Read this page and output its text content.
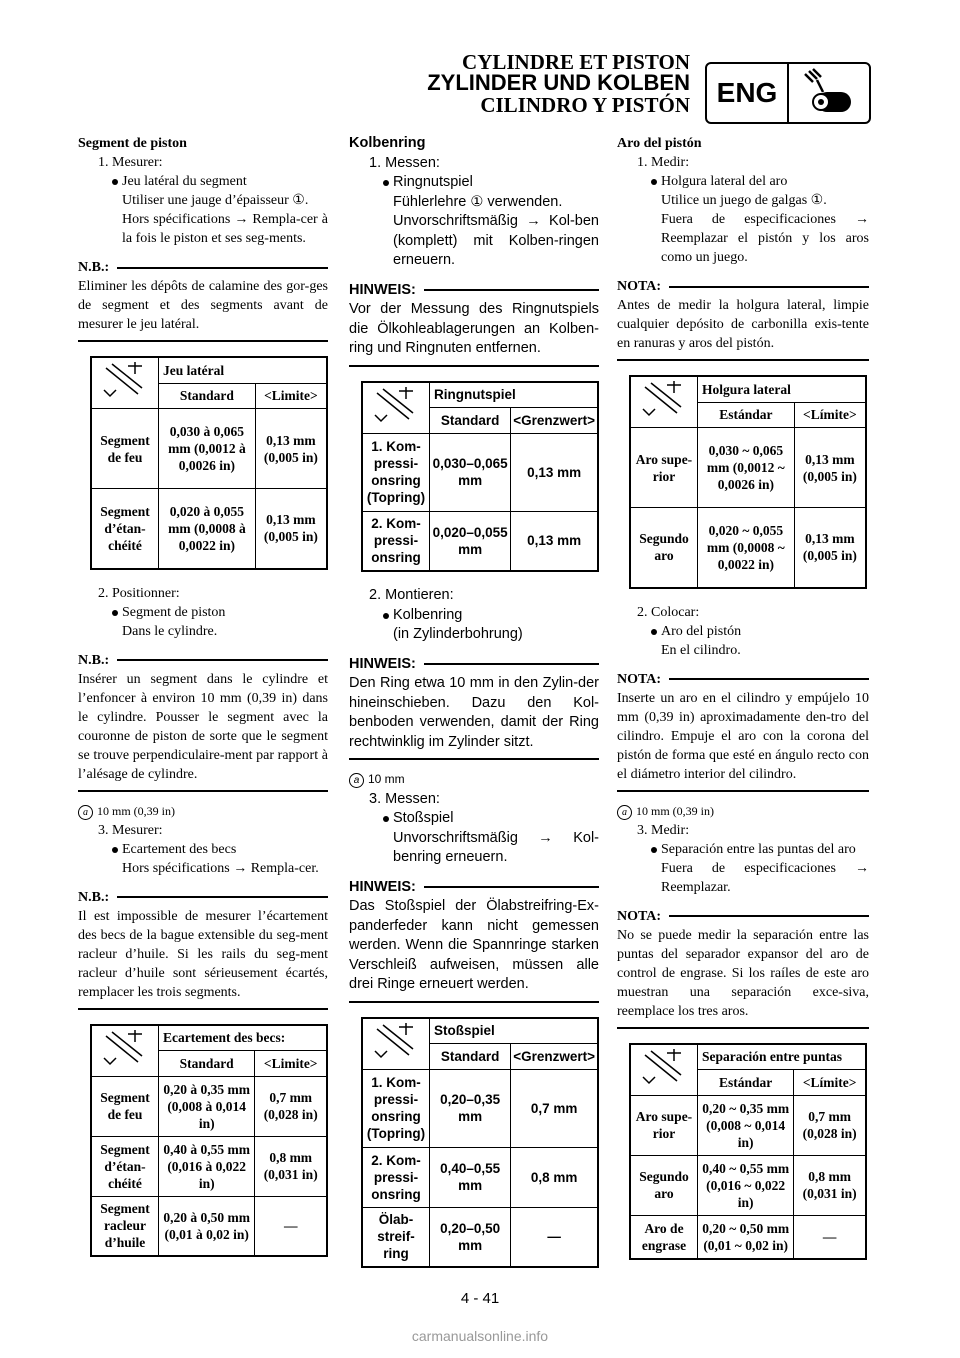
CYLINDRE ET PISTON
ZYLINDER UND KOLBEN
CILINDRO Y PISTÓN ENG
Segment de piston
1. Mesurer:
Jeu latéral du segment
Utiliser une jauge d’épaisseur ①.
Hors spécifications → Rempla-cer à la fois le piston et ses seg-ments.
N.B.:
Eliminer les dépôts de calamine des gor-ges de segment et des segments avant de mesurer le jeu latéral.
	Jeu latéral	
	Standard	<Limite>
Segment de feu	0,030 à 0,065 mm (0,0012 à 0,0026 in)	0,13 mm (0,005 in)
Segment d’étan-chéité	0,020 à 0,055 mm (0,0008 à 0,0022 in)	0,13 mm (0,005 in)
2. Positionner:
Segment de piston
Dans le cylindre.
N.B.:
Insérer un segment dans le cylindre et l’enfoncer à environ 10 mm (0,39 in) dans le cylindre. Pousser le segment avec la couronne de piston de sorte que le segment se trouve perpendiculaire-ment par rapport à l’alésage de cylindre.
a 10 mm (0,39 in)
3. Mesurer:
Ecartement des becs
Hors spécifications → Rempla-cer.
N.B.:
Il est impossible de mesurer l’écartement des becs de la bague extensible du seg-ment racleur d’huile. Si les rails du seg-ment racleur d’huile sont sérieusement écartés, remplacer les trois segments.
	Ecartement des becs:	
	Standard	<Limite>
Segment de feu	0,20 à 0,35 mm (0,008 à 0,014 in)	0,7 mm (0,028 in)
Segment d’étan-chéité	0,40 à 0,55 mm (0,016 à 0,022 in)	0,8 mm (0,031 in)
Segment racleur d’huile	0,20 à 0,50 mm (0,01 à 0,02 in)	—
Kolbenring
1. Messen:
Ringnutspiel
Fühlerlehre ① verwenden.
Unvorschriftsmäßig → Kol-ben (komplett) mit Kolben-ringen erneuern.
HINWEIS:
Vor der Messung des Ringnutspiels die Ölkohleablagerungen an Kolben-ring und Ringnuten entfernen.
	Ringnutspiel	
	Standard	<Grenzwert>
1. Kom-pressi-onsring (Topring)	0,030–0,065 mm	0,13 mm
2. Kom-pressi-onsring	0,020–0,055 mm	0,13 mm
2. Montieren:
Kolbenring
(in Zylinderbohrung)
HINWEIS:
Den Ring etwa 10 mm in den Zylin-der hineinschieben. Dazu den Kol-benboden verwenden, damit der Ring rechtwinklig im Zylinder sitzt.
a 10 mm
3. Messen:
Stoßspiel
Unvorschriftsmäßig → Kol-benring erneuern.
HINWEIS:
Das Stoßspiel der Ölabstreifring-Ex-panderfeder kann nicht gemessen werden. Wenn die Spannringe starken Verschleiß aufweisen, müssen alle drei Ringe erneuert werden.
	Stoßspiel	
	Standard	<Grenzwert>
1. Kom-pressi-onsring (Topring)	0,20–0,35 mm	0,7 mm
2. Kom-pressi-onsring	0,40–0,55 mm	0,8 mm
Ölab-streif-ring	0,20–0,50 mm	—
Aro del pistón
1. Medir:
Holgura lateral del aro
Utilice un juego de galgas ①.
Fuera de especificaciones → Reemplazar el pistón y los aros como un juego.
NOTA:
Antes de medir la holgura lateral, limpie cualquier depósito de carbonilla exis-tente en ranuras y aros del pistón.
	Holgura lateral	
	Estándar	<Límite>
Aro supe-rior	0,030 ~ 0,065 mm (0,0012 ~ 0,0026 in)	0,13 mm (0,005 in)
Segundo aro	0,020 ~ 0,055 mm (0,0008 ~ 0,0022 in)	0,13 mm (0,005 in)
2. Colocar:
Aro del pistón
En el cilindro.
NOTA:
Inserte un aro en el cilindro y empújelo 10 mm (0,39 in) aproximadamente den-tro del cilindro. Empuje el aro con la corona del pistón de forma que esté en ángulo recto con el diámetro interior del cilindro.
a 10 mm (0,39 in)
3. Medir:
Separación entre las puntas del aro
Fuera de especificaciones → Reemplazar.
NOTA:
No se puede medir la separación entre las puntas del separador expansor del aro de control de engrase. Si los raíles de este aro muestran una separación exce-siva, reemplace los tres aros.
	Separación entre puntas	
	Estándar	<Límite>
Aro supe-rior	0,20 ~ 0,35 mm (0,008 ~ 0,014 in)	0,7 mm (0,028 in)
Segundo aro	0,40 ~ 0,55 mm (0,016 ~ 0,022 in)	0,8 mm (0,031 in)
Aro de engrase	0,20 ~ 0,50 mm (0,01 ~ 0,02 in)	—
4 - 41
carmanualsonline.info
